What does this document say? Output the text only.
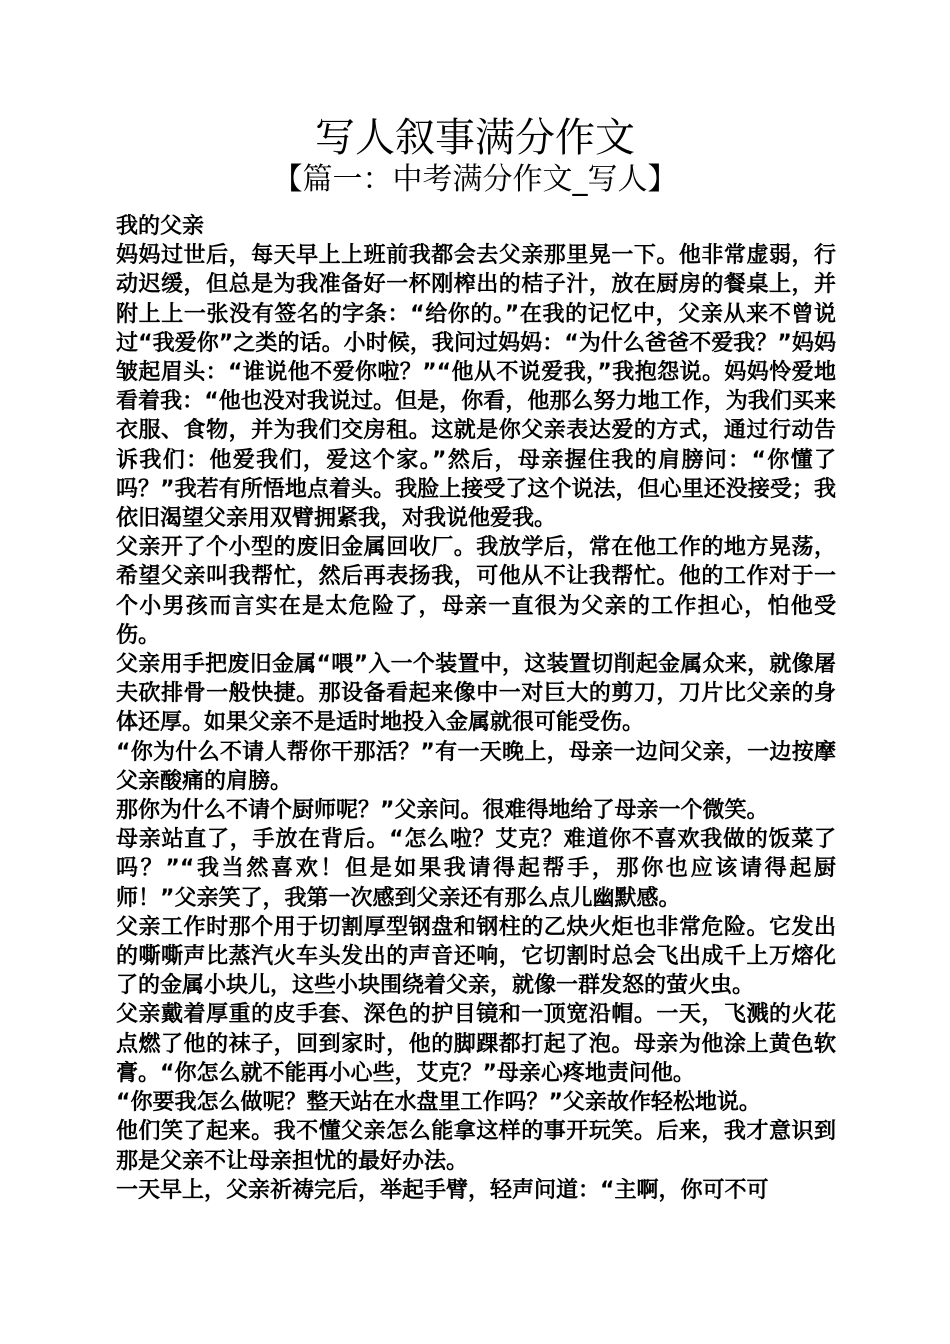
写人叙事满分作文
【篇一：中考满分作文_写人】

我的父亲

妈妈过世后，每天早上上班前我都会去父亲那里晃一下。他非常虚弱，行动迟缓，但总是为我准备好一杯刚榨出的桔子汁，放在厨房的餐桌上，并附上上一张没有签名的字条：“给你的。”在我的记忆中，父亲从来不曾说过“我爱你”之类的话。小时候，我问过妈妈：“为什么爸爸不爱我？”妈妈皱起眉头：“谁说他不爱你啦？”“他从不说爱我，”我抱怨说。妈妈怜爱地看着我：“他也没对我说过。但是，你看，他那么努力地工作，为我们买来衣服、食物，并为我们交房租。这就是你父亲表达爱的方式，通过行动告诉我们：他爱我们，爱这个家。”然后，母亲握住我的肩膀问：“你懂了吗？”我若有所悟地点着头。我脸上接受了这个说法，但心里还没接受；我依旧渴望父亲用双臂拥紧我，对我说他爱我。

父亲开了个小型的废旧金属回收厂。我放学后，常在他工作的地方晃荡，希望父亲叫我帮忙，然后再表扬我，可他从不让我帮忙。他的工作对于一个小男孩而言实在是太危险了，母亲一直很为父亲的工作担心，怕他受伤。

父亲用手把废旧金属“喂”入一个装置中，这装置切削起金属众来，就像屠夫砍排骨一般快捷。那设备看起来像中一对巨大的剪刀，刀片比父亲的身体还厚。如果父亲不是适时地投入金属就很可能受伤。

“你为什么不请人帮你干那活？”有一天晚上，母亲一边问父亲，一边按摩父亲酸痛的肩膀。

那你为什么不请个厨师呢？”父亲问。很难得地给了母亲一个微笑。

母亲站直了，手放在背后。“怎么啦？艾克？难道你不喜欢我做的饭菜了吗？”“我当然喜欢！但是如果我请得起帮手，那你也应该请得起厨师！”父亲笑了，我第一次感到父亲还有那么点儿幽默感。

父亲工作时那个用于切割厚型钢盘和钢柱的乙炔火炬也非常危险。它发出的嘶嘶声比蒸汽火车头发出的声音还响，它切割时总会飞出成千上万熔化了的金属小块儿，这些小块围绕着父亲，就像一群发怒的萤火虫。

父亲戴着厚重的皮手套、深色的护目镜和一顶宽沿帽。一天，飞溅的火花点燃了他的袜子，回到家时，他的脚踝都打起了泡。母亲为他涂上黄色软膏。“你怎么就不能再小心些，艾克？”母亲心疼地责问他。

“你要我怎么做呢？整天站在水盘里工作吗？”父亲故作轻松地说。

他们笑了起来。我不懂父亲怎么能拿这样的事开玩笑。后来，我才意识到那是父亲不让母亲担忧的最好办法。

一天早上，父亲祈祷完后，举起手臂，轻声问道：“主啊，你可不可
